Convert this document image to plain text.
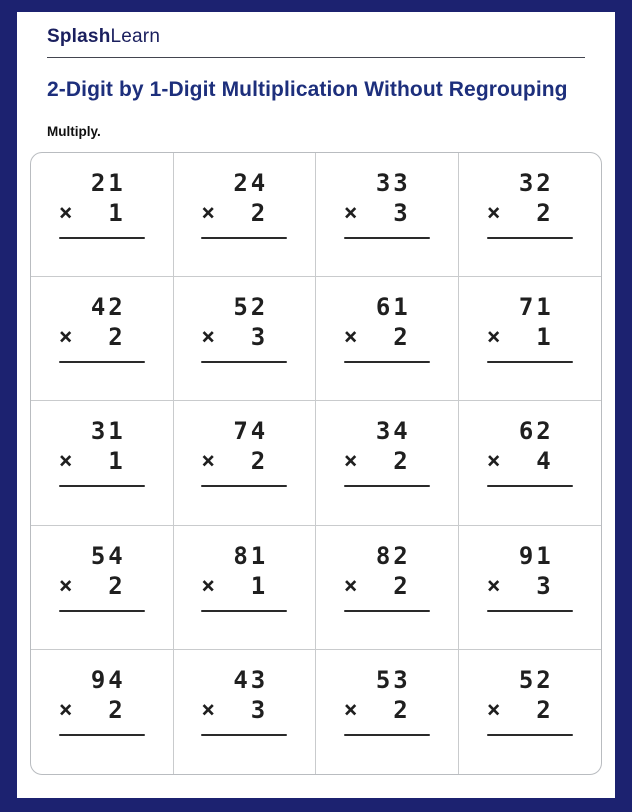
SplashLearn
2-Digit by 1-Digit Multiplication Without Regrouping
Multiply.
21
× 1
24
× 2
33
× 3
32
× 2
42
× 2
52
× 3
61
× 2
71
× 1
31
× 1
74
× 2
34
× 2
62
× 4
54
× 2
81
× 1
82
× 2
91
× 3
94
× 2
43
× 3
53
× 2
52
× 2
